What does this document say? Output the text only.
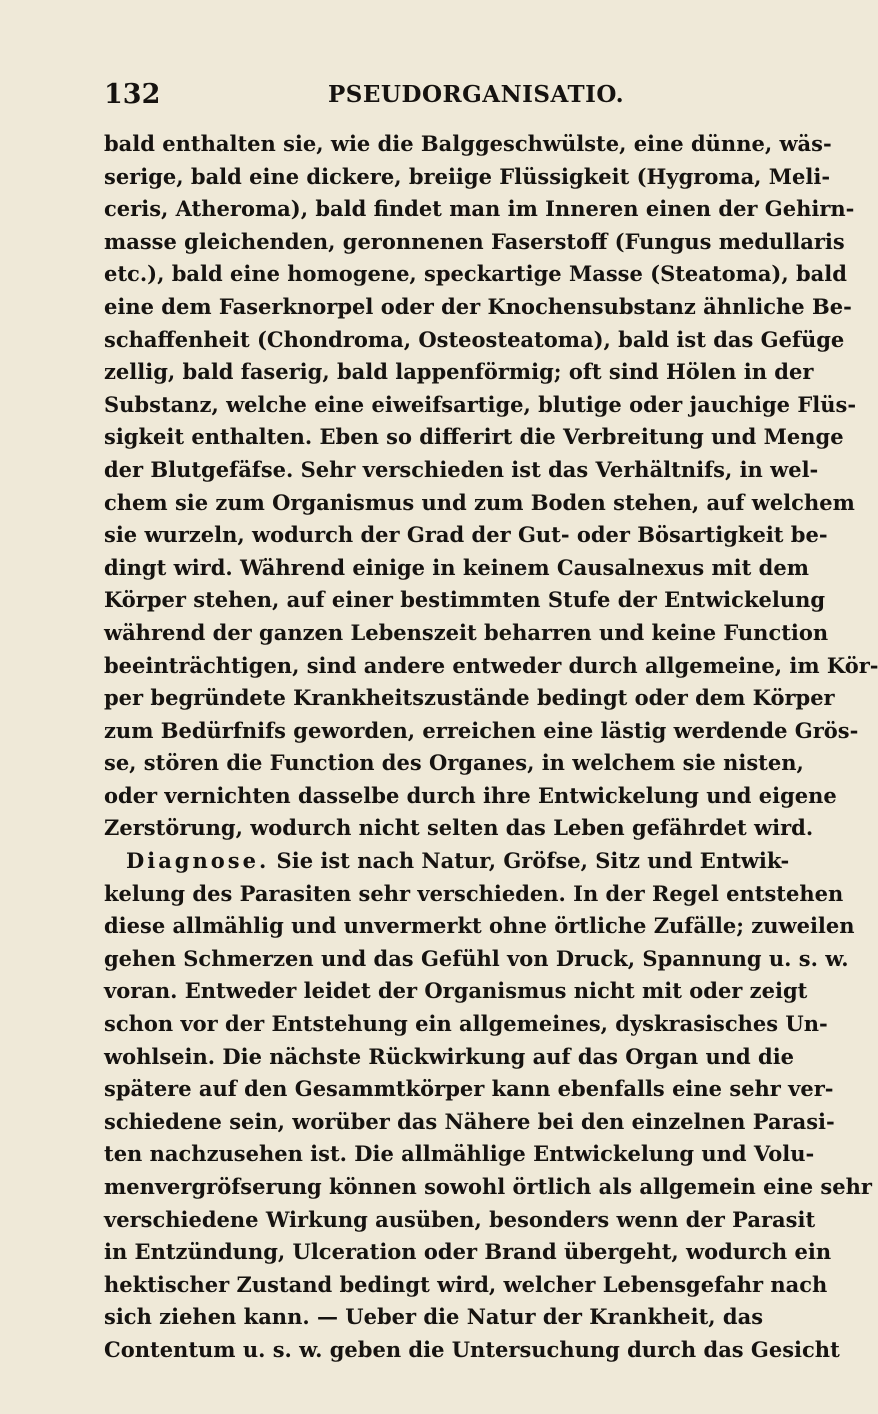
132	PSEUDORGANISATIO.
bald enthalten sie, wie die Balggeschwülste, eine dünne, wäs-
serige, bald eine dickere, breiige Flüssigkeit (Hygroma, Meli-
ceris, Atheroma), bald findet man im Inneren einen der Gehirn-
masse gleichenden, geronnenen Faserstoff (Fungus medullaris
etc.), bald eine homogene, speckartige Masse (Steatoma), bald
eine dem Faserknorpel oder der Knochensubstanz ähnliche Be-
schaffenheit (Chondroma, Osteosteatoma), bald ist das Gefüge
zellig, bald faserig, bald lappenförmig; oft sind Hölen in der
Substanz, welche eine eiweifsartige, blutige oder jauchige Flüs-
sigkeit enthalten. Eben so differirt die Verbreitung und Menge
der Blutgefäfse. Sehr verschieden ist das Verhältnifs, in wel-
chem sie zum Organismus und zum Boden stehen, auf welchem
sie wurzeln, wodurch der Grad der Gut- oder Bösartigkeit be-
dingt wird. Während einige in keinem Causalnexus mit dem
Körper stehen, auf einer bestimmten Stufe der Entwickelung
während der ganzen Lebenszeit beharren und keine Function
beeinträchtigen, sind andere entweder durch allgemeine, im Kör-
per begründete Krankheitszustände bedingt oder dem Körper
zum Bedürfnifs geworden, erreichen eine lästig werdende Grös-
se, stören die Function des Organes, in welchem sie nisten,
oder vernichten dasselbe durch ihre Entwickelung und eigene
Zerstörung, wodurch nicht selten das Leben gefährdet wird.
Diagnose. Sie ist nach Natur, Gröfse, Sitz und Entwik-
kelung des Parasiten sehr verschieden. In der Regel entstehen
diese allmählig und unvermerkt ohne örtliche Zufälle; zuweilen
gehen Schmerzen und das Gefühl von Druck, Spannung u. s. w.
voran. Entweder leidet der Organismus nicht mit oder zeigt
schon vor der Entstehung ein allgemeines, dyskrasisches Un-
wohlsein. Die nächste Rückwirkung auf das Organ und die
spätere auf den Gesammtkörper kann ebenfalls eine sehr ver-
schiedene sein, worüber das Nähere bei den einzelnen Parasi-
ten nachzusehen ist. Die allmählige Entwickelung und Volu-
menvergröfserung können sowohl örtlich als allgemein eine sehr
verschiedene Wirkung ausüben, besonders wenn der Parasit
in Entzündung, Ulceration oder Brand übergeht, wodurch ein
hektischer Zustand bedingt wird, welcher Lebensgefahr nach
sich ziehen kann. — Ueber die Natur der Krankheit, das
Contentum u. s. w. geben die Untersuchung durch das Gesicht
